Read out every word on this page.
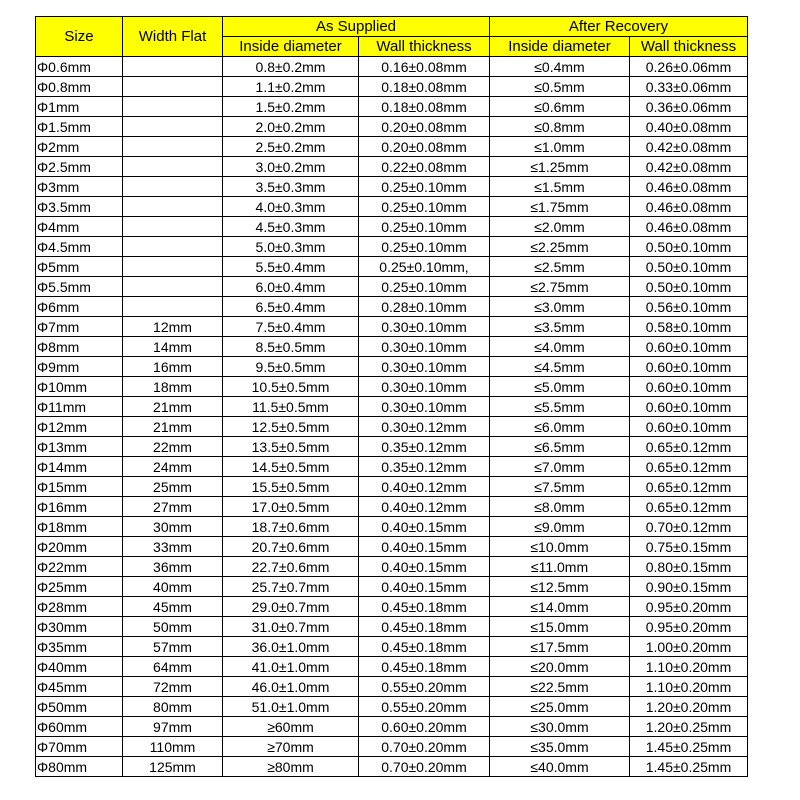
Size	Width Flat	As Supplied		After Recovery	
		Inside diameter	Wall thickness	Inside diameter	Wall thickness
Φ0.6mm		0.8±0.2mm	0.16±0.08mm	≤0.4mm	0.26±0.06mm
Φ0.8mm		1.1±0.2mm	0.18±0.08mm	≤0.5mm	0.33±0.06mm
Φ1mm		1.5±0.2mm	0.18±0.08mm	≤0.6mm	0.36±0.06mm
Φ1.5mm		2.0±0.2mm	0.20±0.08mm	≤0.8mm	0.40±0.08mm
Φ2mm		2.5±0.2mm	0.20±0.08mm	≤1.0mm	0.42±0.08mm
Φ2.5mm		3.0±0.2mm	0.22±0.08mm	≤1.25mm	0.42±0.08mm
Φ3mm		3.5±0.3mm	0.25±0.10mm	≤1.5mm	0.46±0.08mm
Φ3.5mm		4.0±0.3mm	0.25±0.10mm	≤1.75mm	0.46±0.08mm
Φ4mm		4.5±0.3mm	0.25±0.10mm	≤2.0mm	0.46±0.08mm
Φ4.5mm		5.0±0.3mm	0.25±0.10mm	≤2.25mm	0.50±0.10mm
Φ5mm		5.5±0.4mm	0.25±0.10mm,	≤2.5mm	0.50±0.10mm
Φ5.5mm		6.0±0.4mm	0.25±0.10mm	≤2.75mm	0.50±0.10mm
Φ6mm		6.5±0.4mm	0.28±0.10mm	≤3.0mm	0.56±0.10mm
Φ7mm	12mm	7.5±0.4mm	0.30±0.10mm	≤3.5mm	0.58±0.10mm
Φ8mm	14mm	8.5±0.5mm	0.30±0.10mm	≤4.0mm	0.60±0.10mm
Φ9mm	16mm	9.5±0.5mm	0.30±0.10mm	≤4.5mm	0.60±0.10mm
Φ10mm	18mm	10.5±0.5mm	0.30±0.10mm	≤5.0mm	0.60±0.10mm
Φ11mm	21mm	11.5±0.5mm	0.30±0.10mm	≤5.5mm	0.60±0.10mm
Φ12mm	21mm	12.5±0.5mm	0.30±0.12mm	≤6.0mm	0.60±0.10mm
Φ13mm	22mm	13.5±0.5mm	0.35±0.12mm	≤6.5mm	0.65±0.12mm
Φ14mm	24mm	14.5±0.5mm	0.35±0.12mm	≤7.0mm	0.65±0.12mm
Φ15mm	25mm	15.5±0.5mm	0.40±0.12mm	≤7.5mm	0.65±0.12mm
Φ16mm	27mm	17.0±0.5mm	0.40±0.12mm	≤8.0mm	0.65±0.12mm
Φ18mm	30mm	18.7±0.6mm	0.40±0.15mm	≤9.0mm	0.70±0.12mm
Φ20mm	33mm	20.7±0.6mm	0.40±0.15mm	≤10.0mm	0.75±0.15mm
Φ22mm	36mm	22.7±0.6mm	0.40±0.15mm	≤11.0mm	0.80±0.15mm
Φ25mm	40mm	25.7±0.7mm	0.40±0.15mm	≤12.5mm	0.90±0.15mm
Φ28mm	45mm	29.0±0.7mm	0.45±0.18mm	≤14.0mm	0.95±0.20mm
Φ30mm	50mm	31.0±0.7mm	0.45±0.18mm	≤15.0mm	0.95±0.20mm
Φ35mm	57mm	36.0±1.0mm	0.45±0.18mm	≤17.5mm	1.00±0.20mm
Φ40mm	64mm	41.0±1.0mm	0.45±0.18mm	≤20.0mm	1.10±0.20mm
Φ45mm	72mm	46.0±1.0mm	0.55±0.20mm	≤22.5mm	1.10±0.20mm
Φ50mm	80mm	51.0±1.0mm	0.55±0.20mm	≤25.0mm	1.20±0.20mm
Φ60mm	97mm	≥60mm	0.60±0.20mm	≤30.0mm	1.20±0.25mm
Φ70mm	110mm	≥70mm	0.70±0.20mm	≤35.0mm	1.45±0.25mm
Φ80mm	125mm	≥80mm	0.70±0.20mm	≤40.0mm	1.45±0.25mm
